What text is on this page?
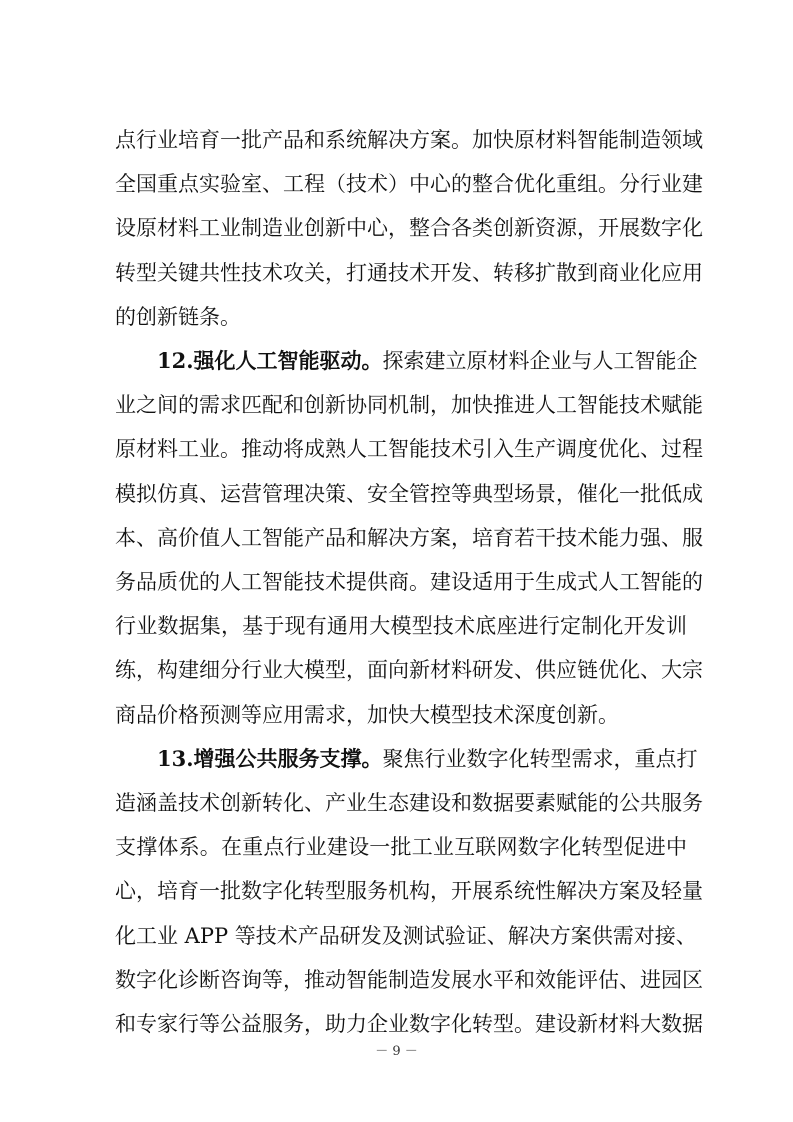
点行业培育一批产品和系统解决方案。加快原材料智能制造领域
全国重点实验室、工程（技术）中心的整合优化重组。分行业建
设原材料工业制造业创新中心，整合各类创新资源，开展数字化
转型关键共性技术攻关，打通技术开发、转移扩散到商业化应用
的创新链条。
12.强化人工智能驱动。探索建立原材料企业与人工智能企
业之间的需求匹配和创新协同机制，加快推进人工智能技术赋能
原材料工业。推动将成熟人工智能技术引入生产调度优化、过程
模拟仿真、运营管理决策、安全管控等典型场景，催化一批低成
本、高价值人工智能产品和解决方案，培育若干技术能力强、服
务品质优的人工智能技术提供商。建设适用于生成式人工智能的
行业数据集，基于现有通用大模型技术底座进行定制化开发训
练，构建细分行业大模型，面向新材料研发、供应链优化、大宗
商品价格预测等应用需求，加快大模型技术深度创新。
13.增强公共服务支撑。聚焦行业数字化转型需求，重点打
造涵盖技术创新转化、产业生态建设和数据要素赋能的公共服务
支撑体系。在重点行业建设一批工业互联网数字化转型促进中
心，培育一批数字化转型服务机构，开展系统性解决方案及轻量
化工业 APP 等技术产品研发及测试验证、解决方案供需对接、
－ 9 －
数字化诊断咨询等，推动智能制造发展水平和效能评估、进园区
和专家行等公益服务，助力企业数字化转型。建设新材料大数据
